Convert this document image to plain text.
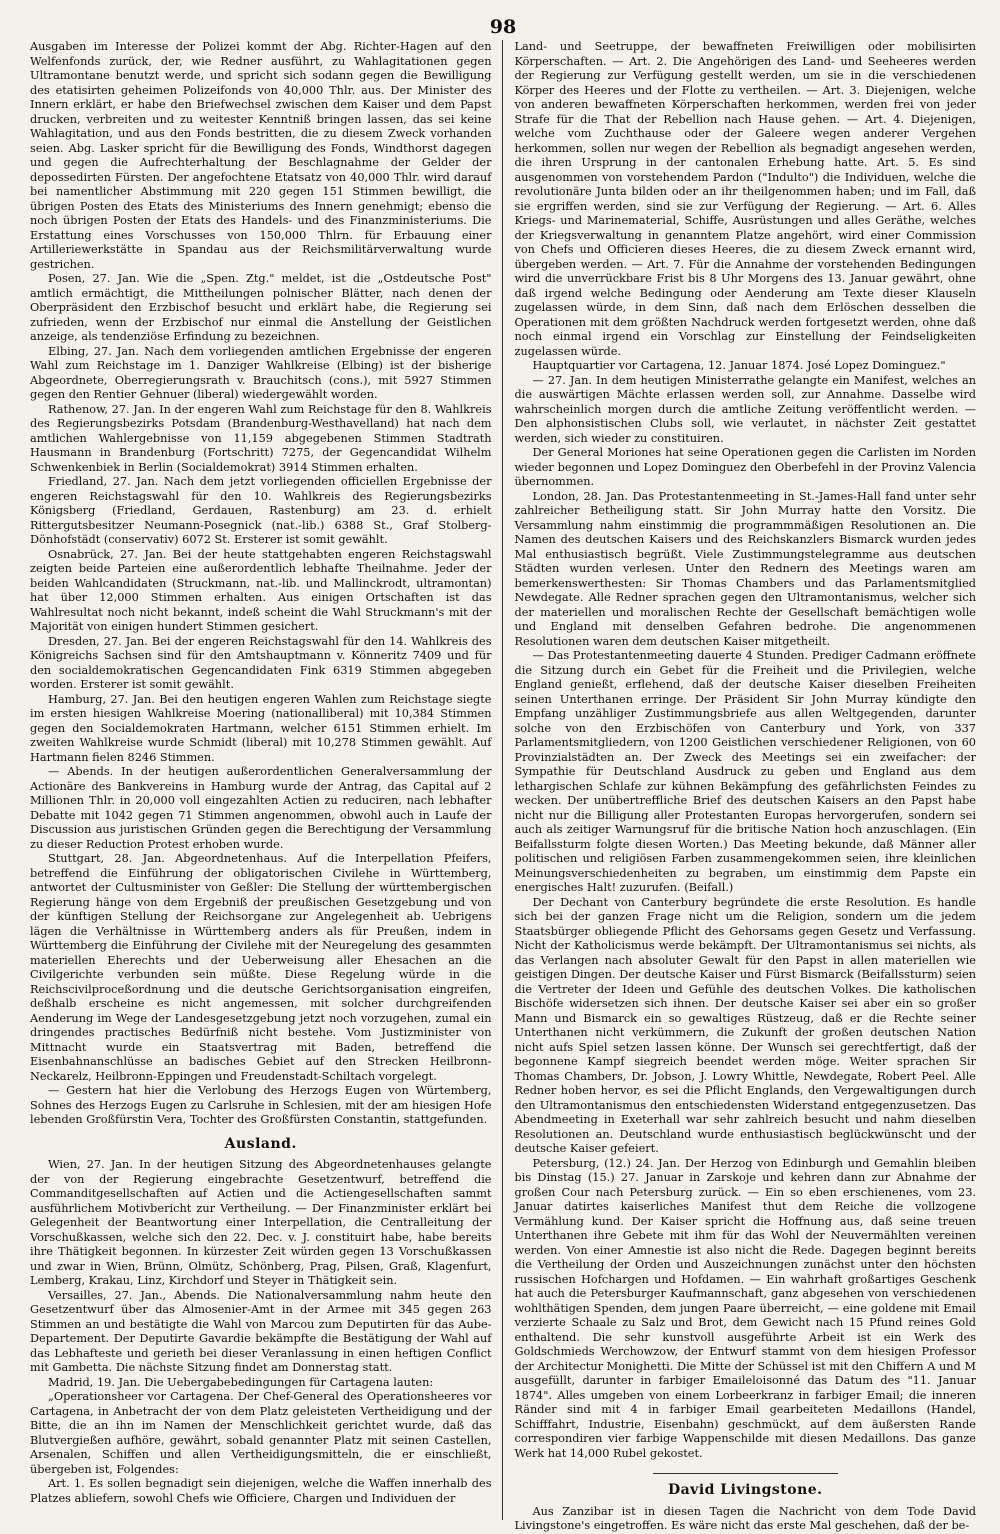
98

Ausgaben im Interesse der Polizei kommt der Abg. Richter-Hagen auf den Welfenfonds zurück, der, wie Redner ausführt, zu Wahlagitationen gegen Ultramontane benutzt werde, und spricht sich sodann gegen die Bewilligung des etatisirten geheimen Polizeifonds von 40,000 Thlr. aus. Der Minister des Innern erklärt, er habe den Briefwechsel zwischen dem Kaiser und dem Papst drucken, verbreiten und zu weitester Kenntniß bringen lassen, das sei keine Wahlagitation, und aus den Fonds bestritten, die zu diesem Zweck vorhanden seien. Abg. Lasker spricht für die Bewilligung des Fonds, Windthorst dagegen und gegen die Aufrechterhaltung der Beschlagnahme der Gelder der depossedirten Fürsten. Der angefochtene Etatsatz von 40,000 Thlr. wird darauf bei namentlicher Abstimmung mit 220 gegen 151 Stimmen bewilligt, die übrigen Posten des Etats des Ministeriums des Innern genehmigt; ebenso die noch übrigen Posten der Etats des Handels- und des Finanzministeriums. Die Erstattung eines Vorschusses von 150,000 Thlrn. für Erbauung einer Artilleriewerkstätte in Spandau aus der Reichsmilitärverwaltung wurde gestrichen.

Posen, 27. Jan. Wie die „Spen. Ztg." meldet, ist die „Ostdeutsche Post" amtlich ermächtigt, die Mittheilungen polnischer Blätter, nach denen der Oberpräsident den Erzbischof besucht und erklärt habe, die Regierung sei zufrieden, wenn der Erzbischof nur einmal die Anstellung der Geistlichen anzeige, als tendenziöse Erfindung zu bezeichnen.

Elbing, 27. Jan. Nach dem vorliegenden amtlichen Ergebnisse der engeren Wahl zum Reichstage im 1. Danziger Wahlkreise (Elbing) ist der bisherige Abgeordnete, Oberregierungsrath v. Brauchitsch (cons.), mit 5927 Stimmen gegen den Rentier Gehnuer (liberal) wiedergewählt worden.

Rathenow, 27. Jan. In der engeren Wahl zum Reichstage für den 8. Wahlkreis des Regierungsbezirks Potsdam (Brandenburg-Westhavelland) hat nach dem amtlichen Wahlergebnisse von 11,159 abgegebenen Stimmen Stadtrath Hausmann in Brandenburg (Fortschritt) 7275, der Gegencandidat Wilhelm Schwenkenbiek in Berlin (Socialdemokrat) 3914 Stimmen erhalten.

Friedland, 27. Jan. Nach dem jetzt vorliegenden officiellen Ergebnisse der engeren Reichstagswahl für den 10. Wahlkreis des Regierungsbezirks Königsberg (Friedland, Gerdauen, Rastenburg) am 23. d. erhielt Rittergutsbesitzer Neumann-Posegnick (nat.-lib.) 6388 St., Graf Stolberg-Dönhofstädt (conservativ) 6072 St. Ersterer ist somit gewählt.

Osnabrück, 27. Jan. Bei der heute stattgehabten engeren Reichstagswahl zeigten beide Parteien eine außerordentlich lebhafte Theilnahme. Jeder der beiden Wahlcandidaten (Struckmann, nat.-lib. und Mallinckrodt, ultramontan) hat über 12,000 Stimmen erhalten. Aus einigen Ortschaften ist das Wahlresultat noch nicht bekannt, indeß scheint die Wahl Struckmann's mit der Majorität von einigen hundert Stimmen gesichert.

Dresden, 27. Jan. Bei der engeren Reichstagswahl für den 14. Wahlkreis des Königreichs Sachsen sind für den Amtshauptmann v. Könneritz 7409 und für den socialdemokratischen Gegencandidaten Fink 6319 Stimmen abgegeben worden. Ersterer ist somit gewählt.

Hamburg, 27. Jan. Bei den heutigen engeren Wahlen zum Reichstage siegte im ersten hiesigen Wahlkreise Moering (nationalliberal) mit 10,384 Stimmen gegen den Socialdemokraten Hartmann, welcher 6151 Stimmen erhielt. Im zweiten Wahlkreise wurde Schmidt (liberal) mit 10,278 Stimmen gewählt. Auf Hartmann fielen 8246 Stimmen.

— Abends. In der heutigen außerordentlichen Generalversammlung der Actionäre des Bankvereins in Hamburg wurde der Antrag, das Capital auf 2 Millionen Thlr. in 20,000 voll eingezahlten Actien zu reduciren, nach lebhafter Debatte mit 1042 gegen 71 Stimmen angenommen, obwohl auch in Laufe der Discussion aus juristischen Gründen gegen die Berechtigung der Versammlung zu dieser Reduction Protest erhoben wurde.

Stuttgart, 28. Jan. Abgeordnetenhaus. Auf die Interpellation Pfeifers, betreffend die Einführung der obligatorischen Civilehe in Württemberg, antwortet der Cultusminister von Geßler: Die Stellung der württembergischen Regierung hänge von dem Ergebniß der preußischen Gesetzgebung und von der künftigen Stellung der Reichsorgane zur Angelegenheit ab. Uebrigens lägen die Verhältnisse in Württemberg anders als für Preußen, indem in Württemberg die Einführung der Civilehe mit der Neuregelung des gesammten materiellen Eherechts und der Ueberweisung aller Ehesachen an die Civilgerichte verbunden sein müßte. Diese Regelung würde in die Reichscivilproceßordnung und die deutsche Gerichtsorganisation eingreifen, deßhalb erscheine es nicht angemessen, mit solcher durchgreifenden Aenderung im Wege der Landesgesetzgebung jetzt noch vorzugehen, zumal ein dringendes practisches Bedürfniß nicht bestehe. Vom Justizminister von Mittnacht wurde ein Staatsvertrag mit Baden, betreffend die Eisenbahnanschlüsse an badisches Gebiet auf den Strecken Heilbronn-Neckarelz, Heilbronn-Eppingen und Freudenstadt-Schiltach vorgelegt.

— Gestern hat hier die Verlobung des Herzogs Eugen von Würtemberg, Sohnes des Herzogs Eugen zu Carlsruhe in Schlesien, mit der am hiesigen Hofe lebenden Großfürstin Vera, Tochter des Großfürsten Constantin, stattgefunden.

Ausland.

Wien, 27. Jan. In der heutigen Sitzung des Abgeordnetenhauses gelangte der von der Regierung eingebrachte Gesetzentwurf, betreffend die Commanditgesellschaften auf Actien und die Actiengesellschaften sammt ausführlichem Motivbericht zur Vertheilung. — Der Finanzminister erklärt bei Gelegenheit der Beantwortung einer Interpellation, die Centralleitung der Vorschußkassen, welche sich den 22. Dec. v. J. constituirt habe, habe bereits ihre Thätigkeit begonnen. In kürzester Zeit würden gegen 13 Vorschußkassen und zwar in Wien, Brünn, Olmütz, Schönberg, Prag, Pilsen, Graß, Klagenfurt, Lemberg, Krakau, Linz, Kirchdorf und Steyer in Thätigkeit sein.

Versailles, 27. Jan., Abends. Die Nationalversammlung nahm heute den Gesetzentwurf über das Almosenier-Amt in der Armee mit 345 gegen 263 Stimmen an und bestätigte die Wahl von Marcou zum Deputirten für das Aube-Departement. Der Deputirte Gavardie bekämpfte die Bestätigung der Wahl auf das Lebhafteste und gerieth bei dieser Veranlassung in einen heftigen Conflict mit Gambetta. Die nächste Sitzung findet am Donnerstag statt.

Madrid, 19. Jan. Die Uebergabebedingungen für Cartagena lauten:

„Operationsheer vor Cartagena. Der Chef-General des Operationsheeres vor Cartagena, in Anbetracht der von dem Platz geleisteten Vertheidigung und der Bitte, die an ihn im Namen der Menschlichkeit gerichtet wurde, daß das Blutvergießen aufhöre, gewährt, sobald genannter Platz mit seinen Castellen, Arsenalen, Schiffen und allen Vertheidigungsmitteln, die er einschließt, übergeben ist, Folgendes:

Art. 1. Es sollen begnadigt sein diejenigen, welche die Waffen innerhalb des Platzes abliefern, sowohl Chefs wie Officiere, Chargen und Individuen der

Land- und Seetruppe, der bewaffneten Freiwilligen oder mobilisirten Körperschaften. — Art. 2. Die Angehörigen des Land- und Seeheeres werden der Regierung zur Verfügung gestellt werden, um sie in die verschiedenen Körper des Heeres und der Flotte zu vertheilen. — Art. 3. Diejenigen, welche von anderen bewaffneten Körperschaften herkommen, werden frei von jeder Strafe für die That der Rebellion nach Hause gehen. — Art. 4. Diejenigen, welche vom Zuchthause oder der Galeere wegen anderer Vergehen herkommen, sollen nur wegen der Rebellion als begnadigt angesehen werden, die ihren Ursprung in der cantonalen Erhebung hatte. Art. 5. Es sind ausgenommen von vorstehendem Pardon ("Indulto") die Individuen, welche die revolutionäre Junta bilden oder an ihr theilgenommen haben; und im Fall, daß sie ergriffen werden, sind sie zur Verfügung der Regierung. — Art. 6. Alles Kriegs- und Marinematerial, Schiffe, Ausrüstungen und alles Geräthe, welches der Kriegsverwaltung in genanntem Platze angehört, wird einer Commission von Chefs und Officieren dieses Heeres, die zu diesem Zweck ernannt wird, übergeben werden. — Art. 7. Für die Annahme der vorstehenden Bedingungen wird die unverrückbare Frist bis 8 Uhr Morgens des 13. Januar gewährt, ohne daß irgend welche Bedingung oder Aenderung am Texte dieser Klauseln zugelassen würde, in dem Sinn, daß nach dem Erlöschen desselben die Operationen mit dem größten Nachdruck werden fortgesetzt werden, ohne daß noch einmal irgend ein Vorschlag zur Einstellung der Feindseligkeiten zugelassen würde.

Hauptquartier vor Cartagena, 12. Januar 1874. José Lopez Dominguez."

— 27. Jan. In dem heutigen Ministerrathe gelangte ein Manifest, welches an die auswärtigen Mächte erlassen werden soll, zur Annahme. Dasselbe wird wahrscheinlich morgen durch die amtliche Zeitung veröffentlicht werden. — Den alphonsistischen Clubs soll, wie verlautet, in nächster Zeit gestattet werden, sich wieder zu constituiren.

Der General Moriones hat seine Operationen gegen die Carlisten im Norden wieder begonnen und Lopez Dominguez den Oberbefehl in der Provinz Valencia übernommen.

London, 28. Jan. Das Protestantenmeeting in St.-James-Hall fand unter sehr zahlreicher Betheiligung statt. Sir John Murray hatte den Vorsitz. Die Versammlung nahm einstimmig die programmmäßigen Resolutionen an. Die Namen des deutschen Kaisers und des Reichskanzlers Bismarck wurden jedes Mal enthusiastisch begrüßt. Viele Zustimmungstelegramme aus deutschen Städten wurden verlesen. Unter den Rednern des Meetings waren am bemerkenswerthesten: Sir Thomas Chambers und das Parlamentsmitglied Newdegate. Alle Redner sprachen gegen den Ultramontanismus, welcher sich der materiellen und moralischen Rechte der Gesellschaft bemächtigen wolle und England mit denselben Gefahren bedrohe. Die angenommenen Resolutionen waren dem deutschen Kaiser mitgetheilt.

— Das Protestantenmeeting dauerte 4 Stunden. Prediger Cadmann eröffnete die Sitzung durch ein Gebet für die Freiheit und die Privilegien, welche England genießt, erflehend, daß der deutsche Kaiser dieselben Freiheiten seinen Unterthanen erringe. Der Präsident Sir John Murray kündigte den Empfang unzähliger Zustimmungsbriefe aus allen Weltgegenden, darunter solche von den Erzbischöfen von Canterbury und York, von 337 Parlamentsmitgliedern, von 1200 Geistlichen verschiedener Religionen, von 60 Provinzialstädten an. Der Zweck des Meetings sei ein zweifacher: der Sympathie für Deutschland Ausdruck zu geben und England aus dem lethargischen Schlafe zur kühnen Bekämpfung des gefährlichsten Feindes zu wecken. Der unübertreffliche Brief des deutschen Kaisers an den Papst habe nicht nur die Billigung aller Protestanten Europas hervorgerufen, sondern sei auch als zeitiger Warnungsruf für die britische Nation hoch anzuschlagen. (Ein Beifallssturm folgte diesen Worten.) Das Meeting bekunde, daß Männer aller politischen und religiösen Farben zusammengekommen seien, ihre kleinlichen Meinungsverschiedenheiten zu begraben, um einstimmig dem Papste ein energisches Halt! zuzurufen. (Beifall.)

Der Dechant von Canterbury begründete die erste Resolution. Es handle sich bei der ganzen Frage nicht um die Religion, sondern um die jedem Staatsbürger obliegende Pflicht des Gehorsams gegen Gesetz und Verfassung. Nicht der Katholicismus werde bekämpft. Der Ultramontanismus sei nichts, als das Verlangen nach absoluter Gewalt für den Papst in allen materiellen wie geistigen Dingen. Der deutsche Kaiser und Fürst Bismarck (Beifallssturm) seien die Vertreter der Ideen und Gefühle des deutschen Volkes. Die katholischen Bischöfe widersetzen sich ihnen. Der deutsche Kaiser sei aber ein so großer Mann und Bismarck ein so gewaltiges Rüstzeug, daß er die Rechte seiner Unterthanen nicht verkümmern, die Zukunft der großen deutschen Nation nicht aufs Spiel setzen lassen könne. Der Wunsch sei gerechtfertigt, daß der begonnene Kampf siegreich beendet werden möge. Weiter sprachen Sir Thomas Chambers, Dr. Jobson, J. Lowry Whittle, Newdegate, Robert Peel. Alle Redner hoben hervor, es sei die Pflicht Englands, den Vergewaltigungen durch den Ultramontanismus den entschiedensten Widerstand entgegenzusetzen. Das Abendmeeting in Exeterhall war sehr zahlreich besucht und nahm dieselben Resolutionen an. Deutschland wurde enthusiastisch beglückwünscht und der deutsche Kaiser gefeiert.

Petersburg, (12.) 24. Jan. Der Herzog von Edinburgh und Gemahlin bleiben bis Dinstag (15.) 27. Januar in Zarskoje und kehren dann zur Abnahme der großen Cour nach Petersburg zurück. — Ein so eben erschienenes, vom 23. Januar datirtes kaiserliches Manifest thut dem Reiche die vollzogene Vermählung kund. Der Kaiser spricht die Hoffnung aus, daß seine treuen Unterthanen ihre Gebete mit ihm für das Wohl der Neuvermählten vereinen werden. Von einer Amnestie ist also nicht die Rede. Dagegen beginnt bereits die Vertheilung der Orden und Auszeichnungen zunächst unter den höchsten russischen Hofchargen und Hofdamen. — Ein wahrhaft großartiges Geschenk hat auch die Petersburger Kaufmannschaft, ganz abgesehen von verschiedenen wohlthätigen Spenden, dem jungen Paare überreicht, — eine goldene mit Email verzierte Schaale zu Salz und Brot, dem Gewicht nach 15 Pfund reines Gold enthaltend. Die sehr kunstvoll ausgeführte Arbeit ist ein Werk des Goldschmieds Werchowzow, der Entwurf stammt von dem hiesigen Professor der Architectur Monighetti. Die Mitte der Schüssel ist mit den Chiffern A und M ausgefüllt, darunter in farbiger Emaileloisonné das Datum des "11. Januar 1874". Alles umgeben von einem Lorbeerkranz in farbiger Email; die inneren Ränder sind mit 4 in farbiger Email gearbeiteten Medaillons (Handel, Schifffahrt, Industrie, Eisenbahn) geschmückt, auf dem äußersten Rande correspondiren vier farbige Wappenschilde mit diesen Medaillons. Das ganze Werk hat 14,000 Rubel gekostet.

David Livingstone.

Aus Zanzibar ist in diesen Tagen die Nachricht von dem Tode David Livingstone's eingetroffen. Es wäre nicht das erste Mal geschehen, daß der be-
